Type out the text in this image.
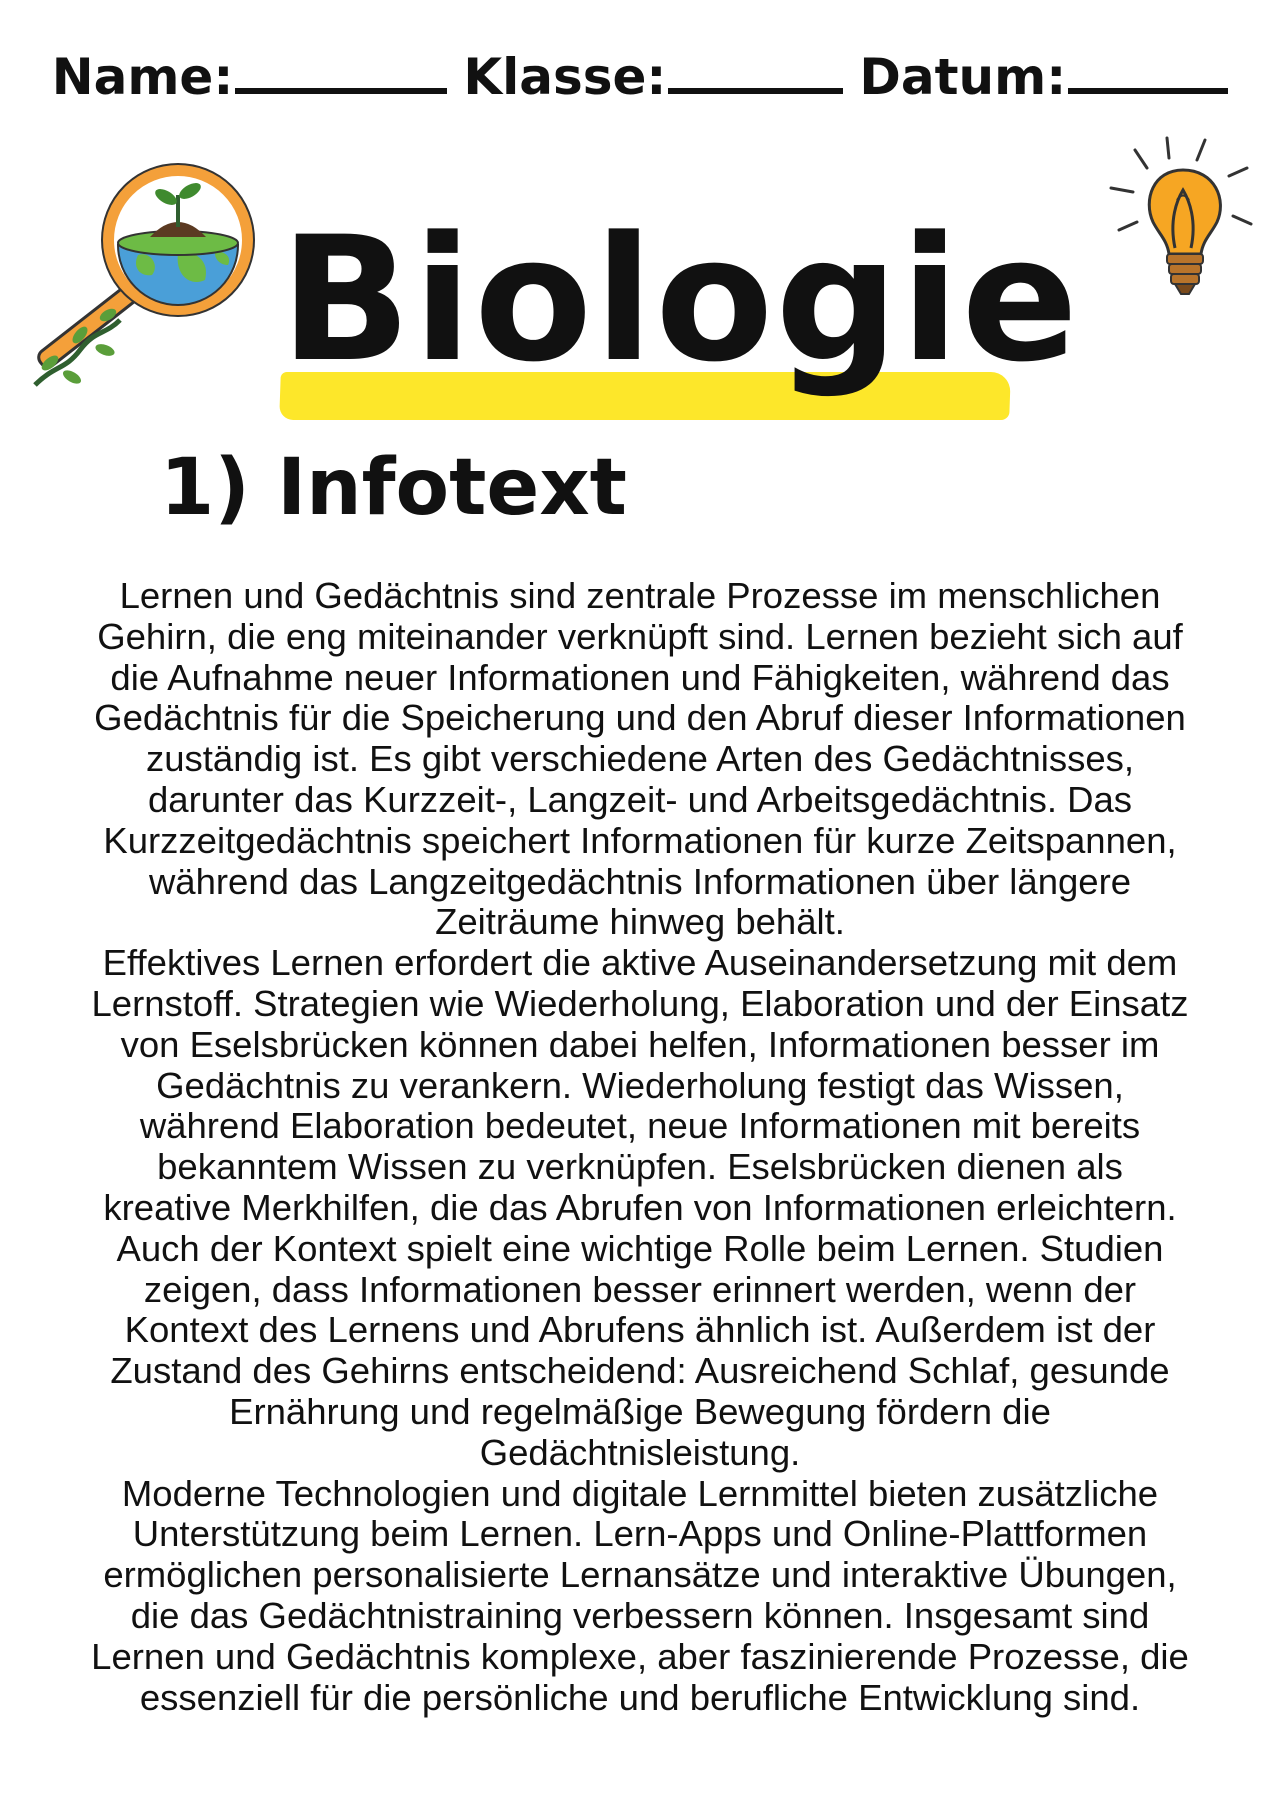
Name:	Klasse:	Datum:
Biologie
1) Infotext
Lernen und Gedächtnis sind zentrale Prozesse im menschlichen
Gehirn, die eng miteinander verknüpft sind. Lernen bezieht sich auf
die Aufnahme neuer Informationen und Fähigkeiten, während das
Gedächtnis für die Speicherung und den Abruf dieser Informationen
zuständig ist. Es gibt verschiedene Arten des Gedächtnisses,
darunter das Kurzzeit-, Langzeit- und Arbeitsgedächtnis. Das
Kurzzeitgedächtnis speichert Informationen für kurze Zeitspannen,
während das Langzeitgedächtnis Informationen über längere
Zeiträume hinweg behält.
Effektives Lernen erfordert die aktive Auseinandersetzung mit dem
Lernstoff. Strategien wie Wiederholung, Elaboration und der Einsatz
von Eselsbrücken können dabei helfen, Informationen besser im
Gedächtnis zu verankern. Wiederholung festigt das Wissen,
während Elaboration bedeutet, neue Informationen mit bereits
bekanntem Wissen zu verknüpfen. Eselsbrücken dienen als
kreative Merkhilfen, die das Abrufen von Informationen erleichtern.
Auch der Kontext spielt eine wichtige Rolle beim Lernen. Studien
zeigen, dass Informationen besser erinnert werden, wenn der
Kontext des Lernens und Abrufens ähnlich ist. Außerdem ist der
Zustand des Gehirns entscheidend: Ausreichend Schlaf, gesunde
Ernährung und regelmäßige Bewegung fördern die
Gedächtnisleistung.
Moderne Technologien und digitale Lernmittel bieten zusätzliche
Unterstützung beim Lernen. Lern-Apps und Online-Plattformen
ermöglichen personalisierte Lernansätze und interaktive Übungen,
die das Gedächtnistraining verbessern können. Insgesamt sind
Lernen und Gedächtnis komplexe, aber faszinierende Prozesse, die
essenziell für die persönliche und berufliche Entwicklung sind.
